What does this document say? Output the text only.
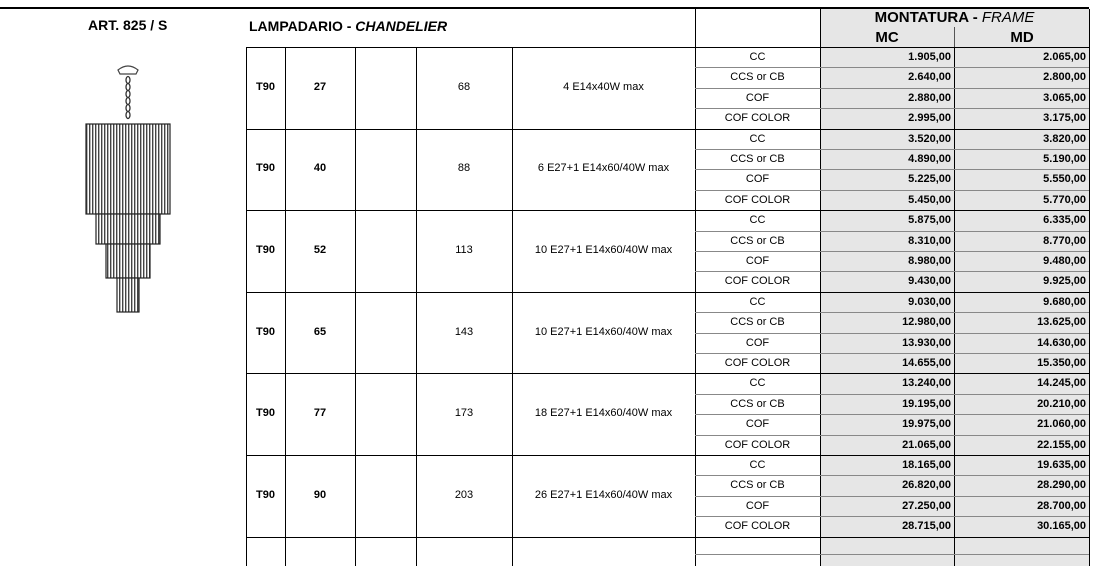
ART. 825 / S	LAMPADARIO - CHANDELIER	MONTATURA - FRAME
MC	MD
T90	27	68	4 E14x40W max
CC	1.905,00	2.065,00
CCS or CB	2.640,00	2.800,00
COF	2.880,00	3.065,00
COF COLOR	2.995,00	3.175,00
T90	40	88	6 E27+1 E14x60/40W max
CC	3.520,00	3.820,00
CCS or CB	4.890,00	5.190,00
COF	5.225,00	5.550,00
COF COLOR	5.450,00	5.770,00
T90	52	113	10 E27+1 E14x60/40W max
CC	5.875,00	6.335,00
CCS or CB	8.310,00	8.770,00
COF	8.980,00	9.480,00
COF COLOR	9.430,00	9.925,00
T90	65	143	10 E27+1 E14x60/40W max
CC	9.030,00	9.680,00
CCS or CB	12.980,00	13.625,00
COF	13.930,00	14.630,00
COF COLOR	14.655,00	15.350,00
T90	77	173	18 E27+1 E14x60/40W max
CC	13.240,00	14.245,00
CCS or CB	19.195,00	20.210,00
COF	19.975,00	21.060,00
COF COLOR	21.065,00	22.155,00
T90	90	203	26 E27+1 E14x60/40W max
CC	18.165,00	19.635,00
CCS or CB	26.820,00	28.290,00
COF	27.250,00	28.700,00
COF COLOR	28.715,00	30.165,00
